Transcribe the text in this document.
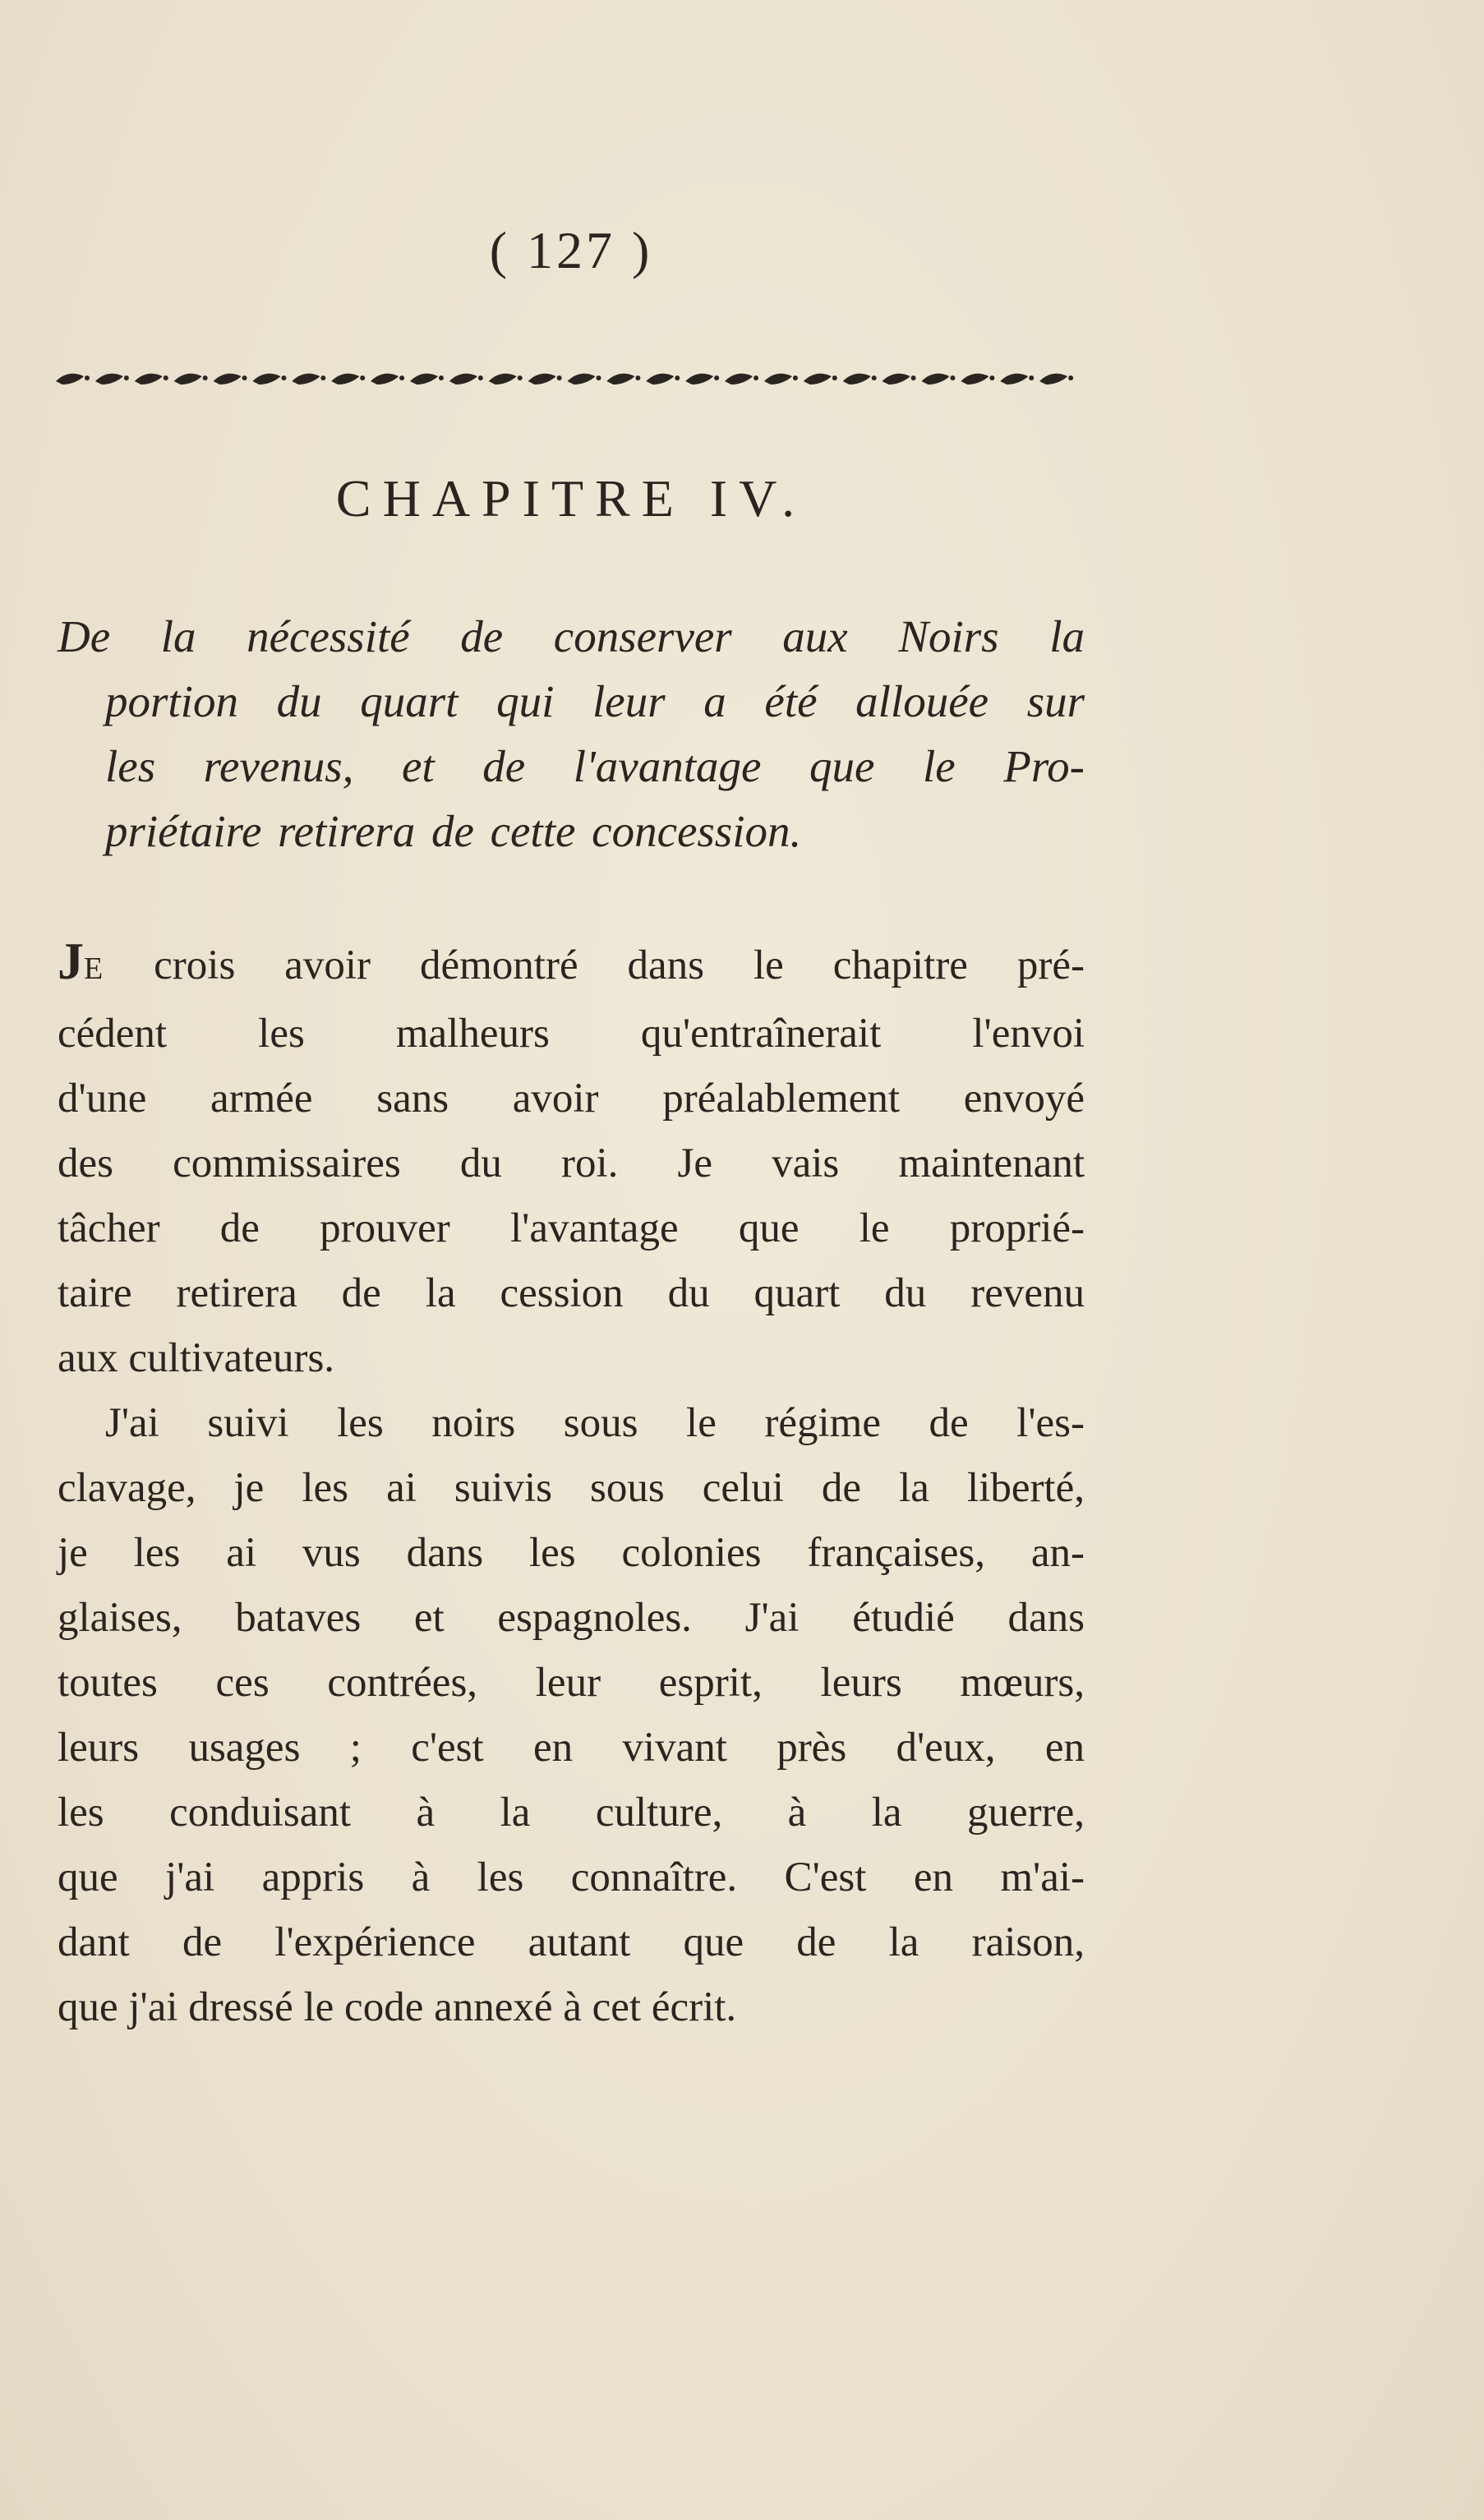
( 127 )
CHAPITRE IV.
De la nécessité de conserver aux Noirs la
portion du quart qui leur a été allouée sur
les revenus, et de l'avantage que le Pro-
priétaire retirera de cette concession.
JE crois avoir démontré dans le chapitre pré-
cédent les malheurs qu'entraînerait l'envoi
d'une armée sans avoir préalablement envoyé
des commissaires du roi. Je vais maintenant
tâcher de prouver l'avantage que le proprié-
taire retirera de la cession du quart du revenu
aux cultivateurs.
J'ai suivi les noirs sous le régime de l'es-
clavage, je les ai suivis sous celui de la liberté,
je les ai vus dans les colonies françaises, an-
glaises, bataves et espagnoles. J'ai étudié dans
toutes ces contrées, leur esprit, leurs mœurs,
leurs usages ; c'est en vivant près d'eux, en
les conduisant à la culture, à la guerre,
que j'ai appris à les connaître. C'est en m'ai-
dant de l'expérience autant que de la raison,
que j'ai dressé le code annexé à cet écrit.
